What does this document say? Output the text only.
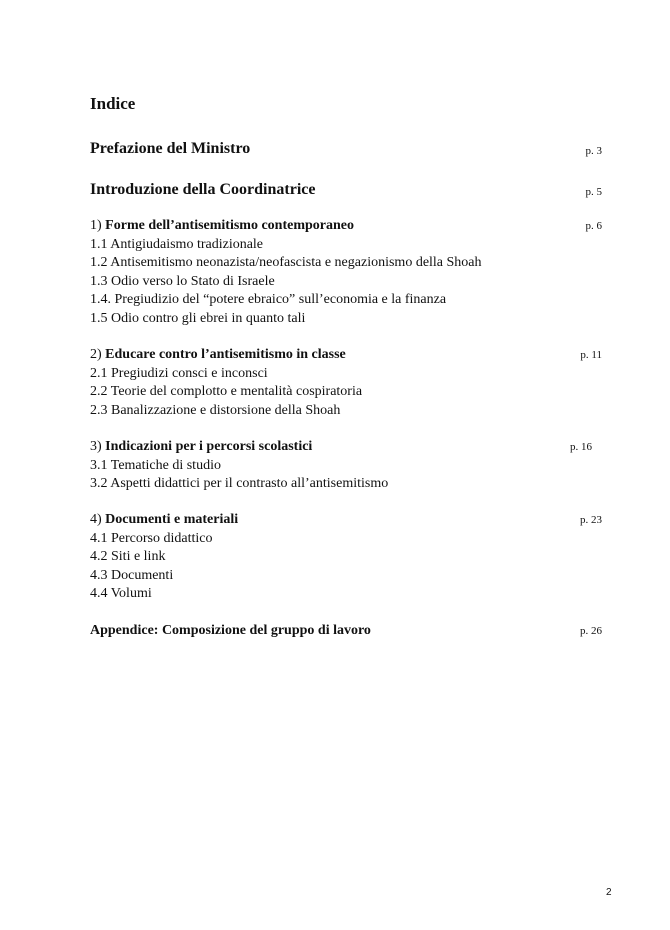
Indice
Prefazione del Ministro	p. 3
Introduzione della Coordinatrice	p. 5
1) Forme dell’antisemitismo contemporaneo	p. 6
1.1 Antigiudaismo tradizionale
1.2 Antisemitismo neonazista/neofascista e negazionismo della Shoah
1.3 Odio verso lo Stato di Israele
1.4. Pregiudizio del “potere ebraico” sull’economia e la finanza
1.5 Odio contro gli ebrei in quanto tali
2) Educare contro l’antisemitismo in classe	p. 11
2.1 Pregiudizi consci e inconsci
2.2 Teorie del complotto e mentalità cospiratoria
2.3 Banalizzazione e distorsione della Shoah
3) Indicazioni per i percorsi scolastici	p. 16
3.1 Tematiche di studio
3.2 Aspetti didattici per il contrasto all’antisemitismo
4) Documenti e materiali	p. 23
4.1 Percorso didattico
4.2 Siti e link
4.3 Documenti
4.4 Volumi
Appendice: Composizione del gruppo di lavoro	p. 26
2
